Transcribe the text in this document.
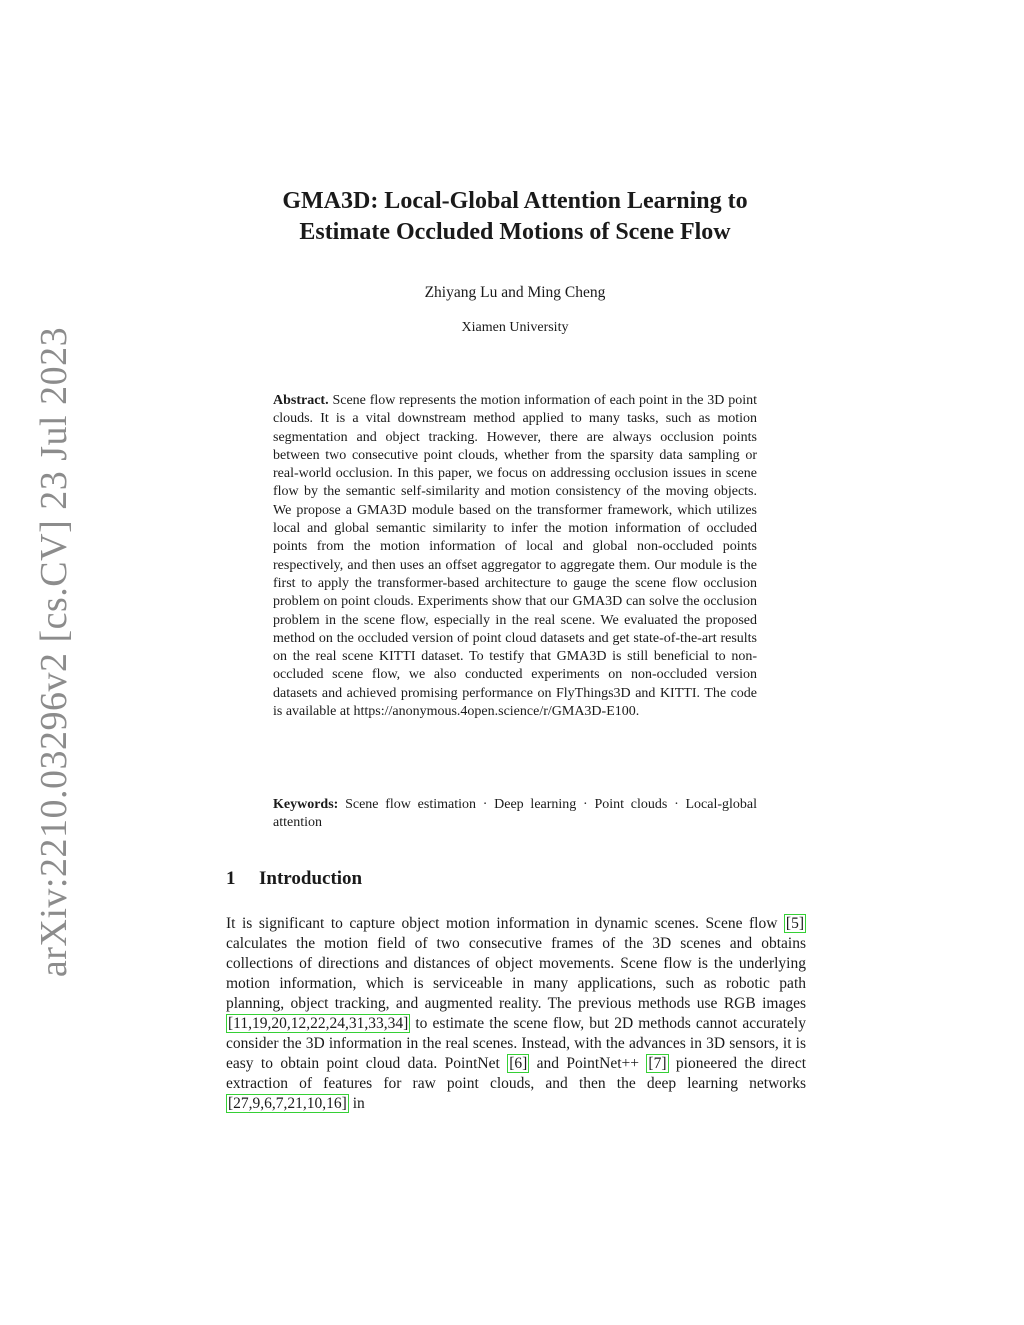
arXiv:2210.03296v2 [cs.CV] 23 Jul 2023
GMA3D: Local-Global Attention Learning to
Estimate Occluded Motions of Scene Flow
Zhiyang Lu and Ming Cheng
Xiamen University
Abstract. Scene flow represents the motion information of each point in the 3D point clouds. It is a vital downstream method applied to many tasks, such as motion segmentation and object tracking. However, there are always occlusion points between two consecutive point clouds, whether from the sparsity data sampling or real-world occlusion. In this paper, we focus on addressing occlusion issues in scene flow by the semantic self-similarity and motion consistency of the moving objects. We propose a GMA3D module based on the transformer framework, which utilizes local and global semantic similarity to infer the motion information of occluded points from the motion information of local and global non-occluded points respectively, and then uses an offset aggregator to aggregate them. Our module is the first to apply the transformer-based architecture to gauge the scene flow occlusion problem on point clouds. Experiments show that our GMA3D can solve the occlusion problem in the scene flow, especially in the real scene. We evaluated the proposed method on the occluded version of point cloud datasets and get state-of-the-art results on the real scene KITTI dataset. To testify that GMA3D is still beneficial to non-occluded scene flow, we also conducted experiments on non-occluded version datasets and achieved promising performance on FlyThings3D and KITTI. The code is available at https://anonymous.4open.science/r/GMA3D-E100.
Keywords: Scene flow estimation · Deep learning · Point clouds · Local-global attention
1 Introduction
It is significant to capture object motion information in dynamic scenes. Scene flow [5] calculates the motion field of two consecutive frames of the 3D scenes and obtains collections of directions and distances of object movements. Scene flow is the underlying motion information, which is serviceable in many applications, such as robotic path planning, object tracking, and augmented reality. The previous methods use RGB images [11,19,20,12,22,24,31,33,34] to estimate the scene flow, but 2D methods cannot accurately consider the 3D information in the real scenes. Instead, with the advances in 3D sensors, it is easy to obtain point cloud data. PointNet [6] and PointNet++ [7] pioneered the direct extraction of features for raw point clouds, and then the deep learning networks [27,9,6,7,21,10,16] in
